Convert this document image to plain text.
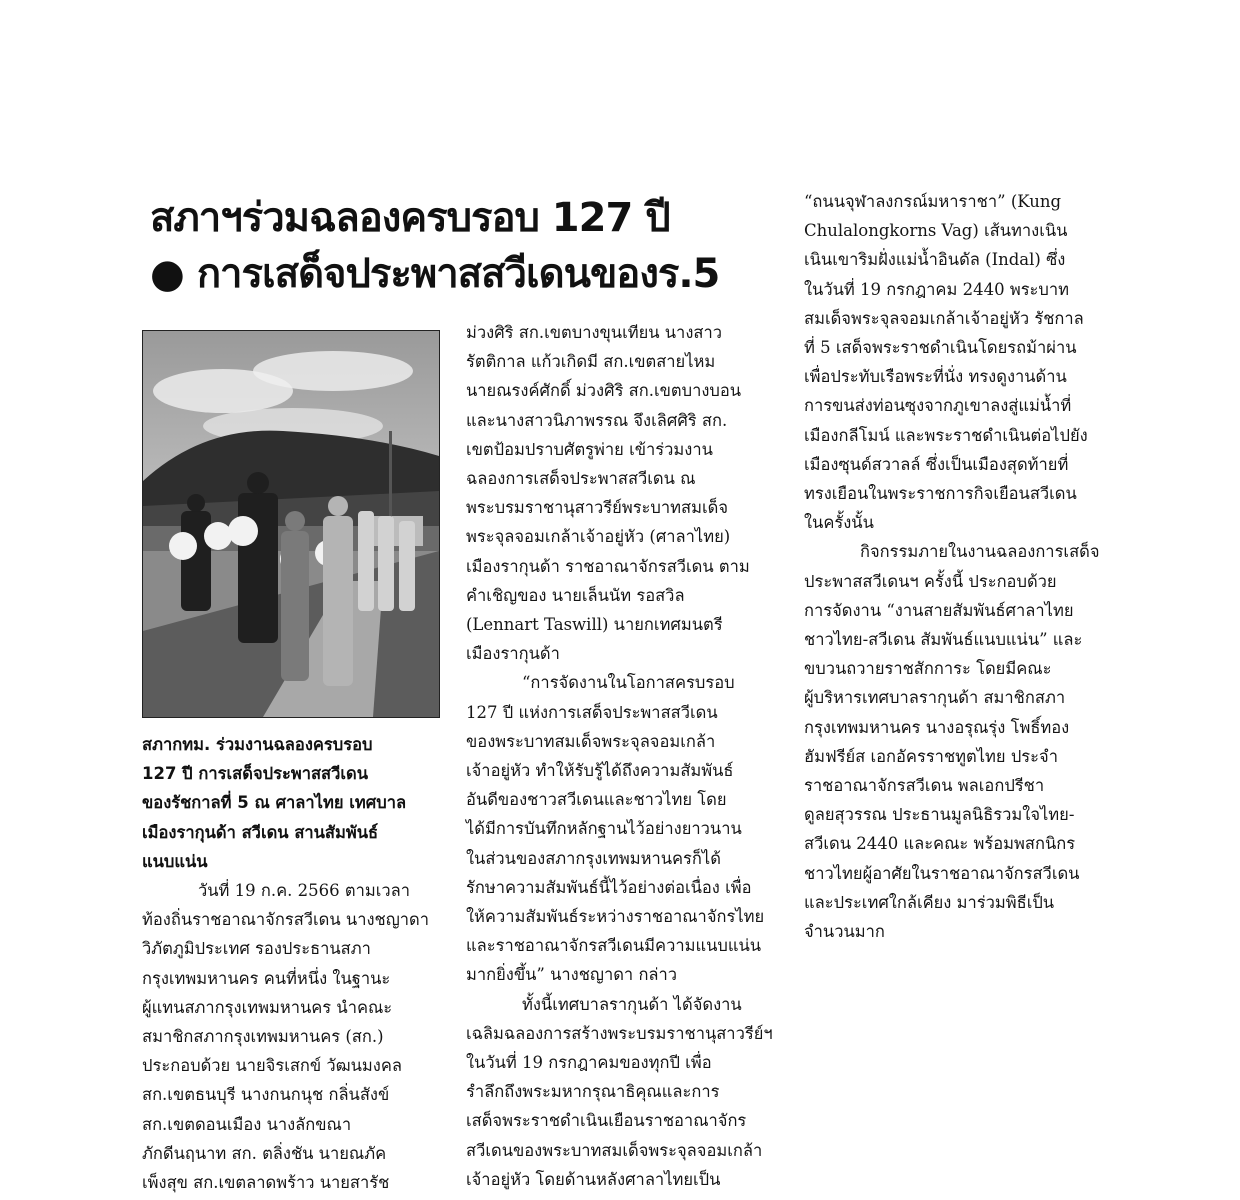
สภาฯร่วมฉลองครบรอบ 127 ปี
● การเสด็จประพาสสวีเดนของร.5
สภากทม. ร่วมงานฉลองครบรอบ
127 ปี การเสด็จประพาสสวีเดน
ของรัชกาลที่ 5 ณ ศาลาไทย เทศบาล
เมืองรากุนด้า สวีเดน สานสัมพันธ์
แนบแน่น
วันที่ 19 ก.ค. 2566 ตามเวลา
ท้องถิ่นราชอาณาจักรสวีเดน นางชญาดา
วิภัตภูมิประเทศ รองประธานสภา
กรุงเทพมหานคร คนที่หนึ่ง ในฐานะ
ผู้แทนสภากรุงเทพมหานคร นำคณะ
สมาชิกสภากรุงเทพมหานคร (สก.)
ประกอบด้วย นายจิรเสกข์ วัฒนมงคล
สก.เขตธนบุรี นางกนกนุช กลิ่นสังข์
สก.เขตดอนเมือง นางลักขณา
ภักดีนฤนาท สก. ตลิ่งชัน นายณภัค
เพ็งสุข สก.เขตลาดพร้าว นายสารัช
ม่วงศิริ สก.เขตบางขุนเทียน นางสาว
รัตติกาล แก้วเกิดมี สก.เขตสายไหม
นายณรงค์ศักดิ์ ม่วงศิริ สก.เขตบางบอน
และนางสาวนิภาพรรณ จึงเลิศศิริ สก.
เขตป้อมปราบศัตรูพ่าย เข้าร่วมงาน
ฉลองการเสด็จประพาสสวีเดน ณ
พระบรมราชานุสาวรีย์พระบาทสมเด็จ
พระจุลจอมเกล้าเจ้าอยู่หัว (ศาลาไทย)
เมืองรากุนด้า ราชอาณาจักรสวีเดน ตาม
คำเชิญของ นายเล็นนัท รอสวิล
(Lennart Taswill) นายกเทศมนตรี
เมืองรากุนด้า
“การจัดงานในโอกาสครบรอบ
127 ปี แห่งการเสด็จประพาสสวีเดน
ของพระบาทสมเด็จพระจุลจอมเกล้า
เจ้าอยู่หัว ทำให้รับรู้ได้ถึงความสัมพันธ์
อันดีของชาวสวีเดนและชาวไทย โดย
ได้มีการบันทึกหลักฐานไว้อย่างยาวนาน
ในส่วนของสภากรุงเทพมหานครก็ได้
รักษาความสัมพันธ์นี้ไว้อย่างต่อเนื่อง เพื่อ
ให้ความสัมพันธ์ระหว่างราชอาณาจักรไทย
และราชอาณาจักรสวีเดนมีความแนบแน่น
มากยิ่งขึ้น” นางชญาดา กล่าว
ทั้งนี้เทศบาลรากุนด้า ได้จัดงาน
เฉลิมฉลองการสร้างพระบรมราชานุสาวรีย์ฯ
ในวันที่ 19 กรกฎาคมของทุกปี เพื่อ
รำลึกถึงพระมหากรุณาธิคุณและการ
เสด็จพระราชดำเนินเยือนราชอาณาจักร
สวีเดนของพระบาทสมเด็จพระจุลจอมเกล้า
เจ้าอยู่หัว โดยด้านหลังศาลาไทยเป็น
“ถนนจุฬาลงกรณ์มหาราชา” (Kung
Chulalongkorns Vag) เส้นทางเนิน
เนินเขาริมฝั่งแม่น้ำอินดัล (Indal) ซึ่ง
ในวันที่ 19 กรกฎาคม 2440 พระบาท
สมเด็จพระจุลจอมเกล้าเจ้าอยู่หัว รัชกาล
ที่ 5 เสด็จพระราชดำเนินโดยรถม้าผ่าน
เพื่อประทับเรือพระที่นั่ง ทรงดูงานด้าน
การขนส่งท่อนซุงจากภูเขาลงสู่แม่น้ำที่
เมืองกลีโมน์ และพระราชดำเนินต่อไปยัง
เมืองซุนด์สวาลล์ ซึ่งเป็นเมืองสุดท้ายที่
ทรงเยือนในพระราชการกิจเยือนสวีเดน
ในครั้งนั้น
กิจกรรมภายในงานฉลองการเสด็จ
ประพาสสวีเดนฯ ครั้งนี้ ประกอบด้วย
การจัดงาน “งานสายสัมพันธ์ศาลาไทย
ชาวไทย-สวีเดน สัมพันธ์แนบแน่น” และ
ขบวนถวายราชสักการะ โดยมีคณะ
ผู้บริหารเทศบาลรากุนด้า สมาชิกสภา
กรุงเทพมหานคร นางอรุณรุ่ง โพธิ์ทอง
ฮัมฟรีย์ส เอกอัครราชทูตไทย ประจำ
ราชอาณาจักรสวีเดน พลเอกปรีชา
ดูลยสุวรรณ ประธานมูลนิธิรวมใจไทย-
สวีเดน 2440 และคณะ พร้อมพสกนิกร
ชาวไทยผู้อาศัยในราชอาณาจักรสวีเดน
และประเทศใกล้เคียง มาร่วมพิธีเป็น
จำนวนมาก
